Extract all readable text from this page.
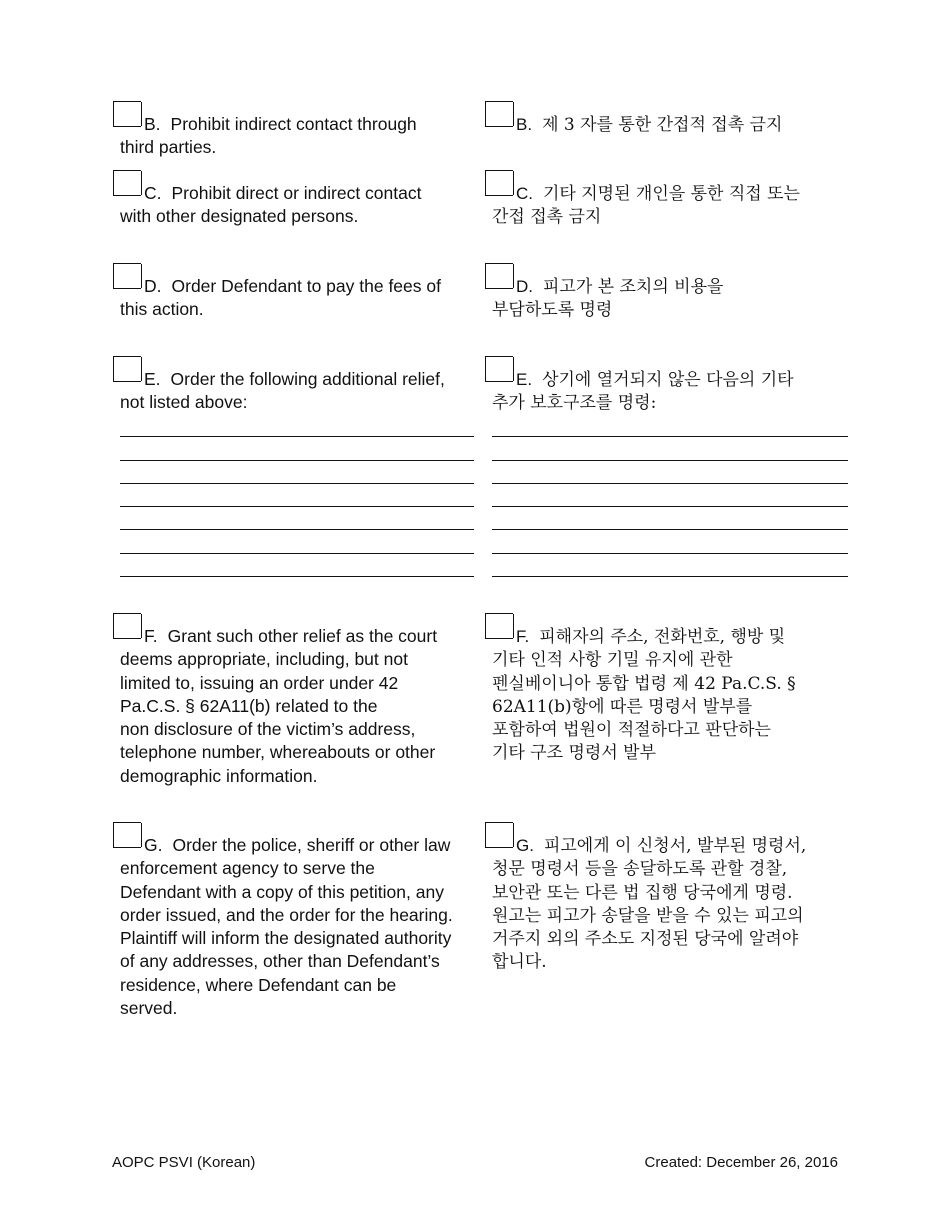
B. Prohibit indirect contact through
third parties.
C. Prohibit direct or indirect contact
with other designated persons.
D. Order Defendant to pay the fees of
this action.
E. Order the following additional relief,
not listed above:
F. Grant such other relief as the court
deems appropriate, including, but not
limited to, issuing an order under 42
Pa.C.S. § 62A11(b) related to the
non disclosure of the victim’s address,
telephone number, whereabouts or other
demographic information.
G. Order the police, sheriff or other law
enforcement agency to serve the
Defendant with a copy of this petition, any
order issued, and the order for the hearing.
Plaintiff will inform the designated authority
of any addresses, other than Defendant’s
residence, where Defendant can be
served.
B. 제 3 자를 통한 간접적 접촉 금지
C. 기타 지명된 개인을 통한 직접 또는
간접 접촉 금지
D. 피고가 본 조치의 비용을
부담하도록 명령
E. 상기에 열거되지 않은 다음의 기타
추가 보호구조를 명령:
F. 피해자의 주소, 전화번호, 행방 및
기타 인적 사항 기밀 유지에 관한
펜실베이니아 통합 법령 제 42 Pa.C.S. §
62A11(b)항에 따른 명령서 발부를
포함하여 법원이 적절하다고 판단하는
기타 구조 명령서 발부
G. 피고에게 이 신청서, 발부된 명령서,
청문 명령서 등을 송달하도록 관할 경찰,
보안관 또는 다른 법 집행 당국에게 명령.
원고는 피고가 송달을 받을 수 있는 피고의
거주지 외의 주소도 지정된 당국에 알려야
합니다.
AOPC PSVI (Korean)	Created: December 26, 2016
